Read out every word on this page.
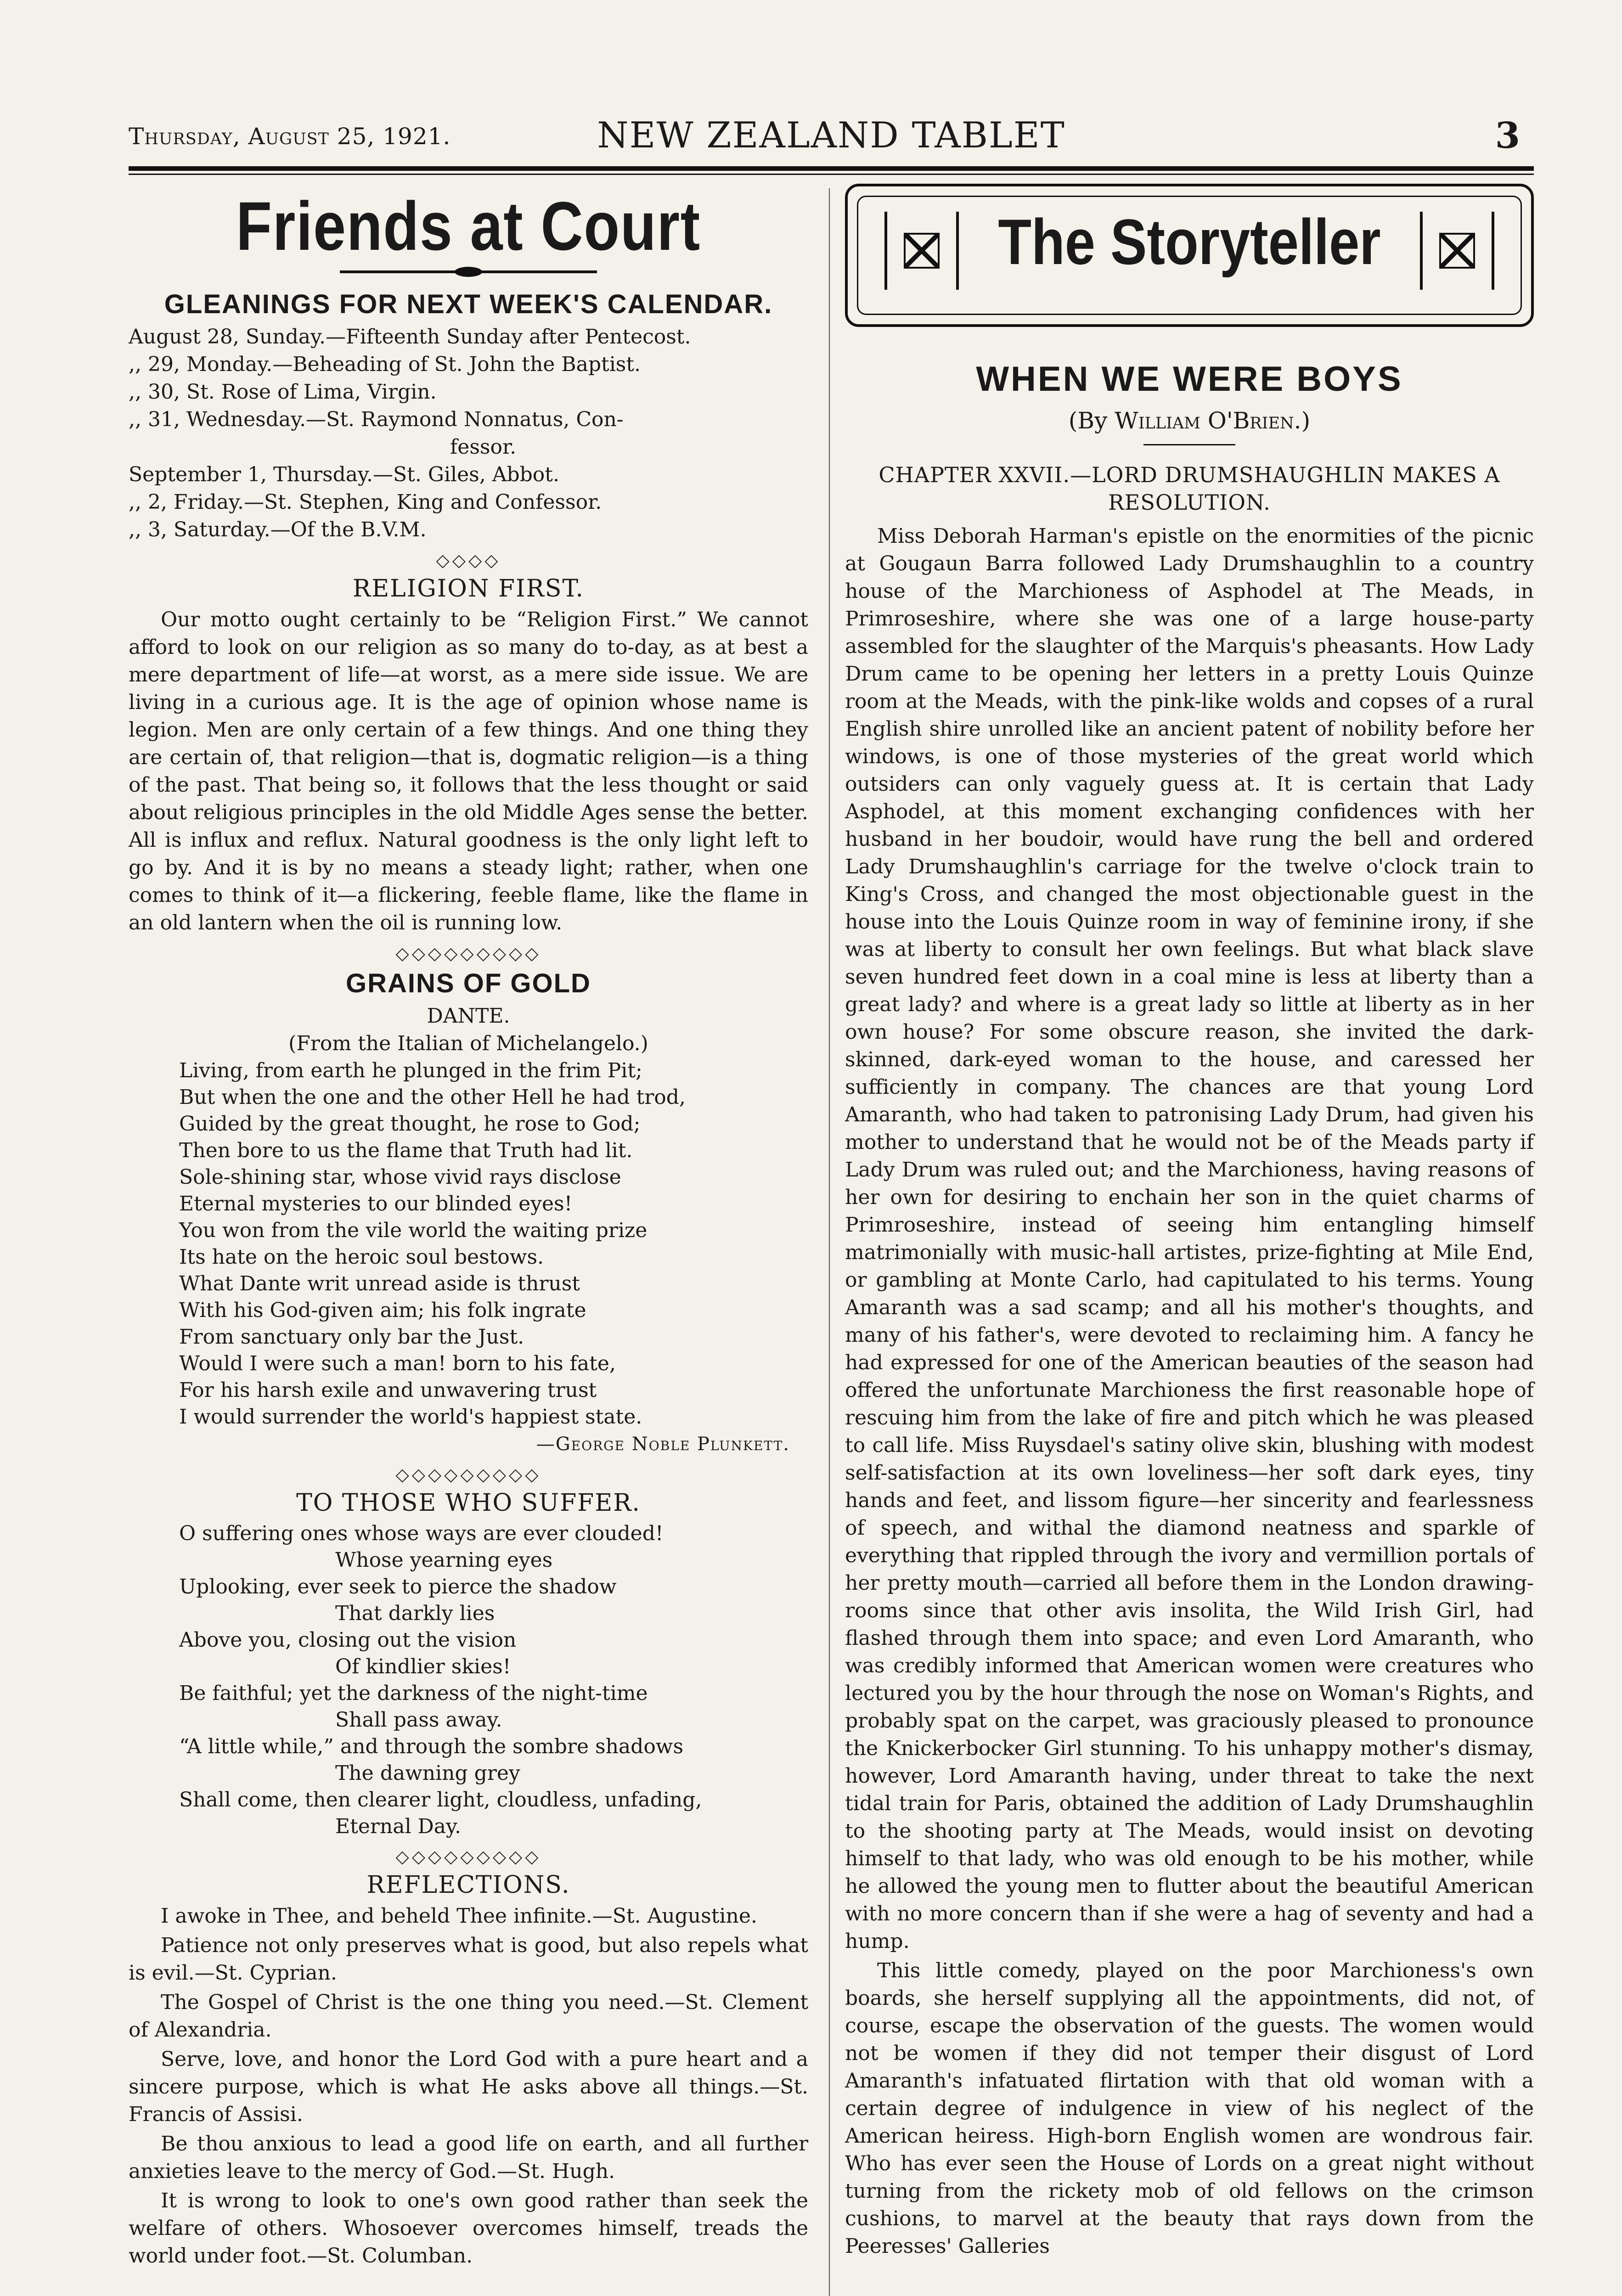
Thursday, August 25, 1921.	NEW ZEALAND TABLET	3
Friends at Court
GLEANINGS FOR NEXT WEEK'S CALENDAR.
August 28, Sunday.—Fifteenth Sunday after Pentecost.
,, 29, Monday.—Beheading of St. John the Baptist.
,, 30, St. Rose of Lima, Virgin.
,, 31, Wednesday.—St. Raymond Nonnatus, Con-
fessor.
September 1, Thursday.—St. Giles, Abbot.
,, 2, Friday.—St. Stephen, King and Confessor.
,, 3, Saturday.—Of the B.V.M.
◇◇◇◇
RELIGION FIRST.

Our motto ought certainly to be “Religion First.” We cannot afford to look on our religion as so many do to-day, as at best a mere department of life—at worst, as a mere side issue. We are living in a curious age. It is the age of opinion whose name is legion. Men are only certain of a few things. And one thing they are certain of, that religion—that is, dogmatic religion—is a thing of the past. That being so, it follows that the less thought or said about religious principles in the old Middle Ages sense the better. All is influx and reflux. Natural goodness is the only light left to go by. And it is by no means a steady light; rather, when one comes to think of it—a flickering, feeble flame, like the flame in an old lantern when the oil is running low.

◇◇◇◇◇◇◇◇◇
GRAINS OF GOLD
DANTE.
(From the Italian of Michelangelo.)
Living, from earth he plunged in the frim Pit;
But when the one and the other Hell he had trod,
Guided by the great thought, he rose to God;
Then bore to us the flame that Truth had lit.
Sole-shining star, whose vivid rays disclose
Eternal mysteries to our blinded eyes!
You won from the vile world the waiting prize
Its hate on the heroic soul bestows.
What Dante writ unread aside is thrust
With his God-given aim; his folk ingrate
From sanctuary only bar the Just.
Would I were such a man! born to his fate,
For his harsh exile and unwavering trust
I would surrender the world's happiest state.
—George Noble Plunkett.
◇◇◇◇◇◇◇◇◇
TO THOSE WHO SUFFER.
O suffering ones whose ways are ever clouded!
Whose yearning eyes
Uplooking, ever seek to pierce the shadow
That darkly lies
Above you, closing out the vision
Of kindlier skies!
Be faithful; yet the darkness of the night-time
Shall pass away.
“A little while,” and through the sombre shadows
The dawning grey
Shall come, then clearer light, cloudless, unfading,
Eternal Day.
◇◇◇◇◇◇◇◇◇
REFLECTIONS.

I awoke in Thee, and beheld Thee infinite.—St. Augustine.

Patience not only preserves what is good, but also repels what is evil.—St. Cyprian.

The Gospel of Christ is the one thing you need.—St. Clement of Alexandria.

Serve, love, and honor the Lord God with a pure heart and a sincere purpose, which is what He asks above all things.—St. Francis of Assisi.

Be thou anxious to lead a good life on earth, and all further anxieties leave to the mercy of God.—St. Hugh.

It is wrong to look to one's own good rather than seek the welfare of others. Whosoever overcomes himself, treads the world under foot.—St. Columban.

The Storyteller
WHEN WE WERE BOYS
(By William O'Brien.)
CHAPTER XXVII.—LORD DRUMSHAUGHLIN MAKES A RESOLUTION.

Miss Deborah Harman's epistle on the enormities of the picnic at Gougaun Barra followed Lady Drumshaughlin to a country house of the Marchioness of Asphodel at The Meads, in Primroseshire, where she was one of a large house-party assembled for the slaughter of the Marquis's pheasants. How Lady Drum came to be opening her letters in a pretty Louis Quinze room at the Meads, with the pink-like wolds and copses of a rural English shire unrolled like an ancient patent of nobility before her windows, is one of those mysteries of the great world which outsiders can only vaguely guess at. It is certain that Lady Asphodel, at this moment exchanging confidences with her husband in her boudoir, would have rung the bell and ordered Lady Drumshaughlin's carriage for the twelve o'clock train to King's Cross, and changed the most objectionable guest in the house into the Louis Quinze room in way of feminine irony, if she was at liberty to consult her own feelings. But what black slave seven hundred feet down in a coal mine is less at liberty than a great lady? and where is a great lady so little at liberty as in her own house? For some obscure reason, she invited the dark-skinned, dark-eyed woman to the house, and caressed her sufficiently in company. The chances are that young Lord Amaranth, who had taken to patronising Lady Drum, had given his mother to understand that he would not be of the Meads party if Lady Drum was ruled out; and the Marchioness, having reasons of her own for desiring to enchain her son in the quiet charms of Primroseshire, instead of seeing him entangling himself matrimonially with music-hall artistes, prize-fighting at Mile End, or gambling at Monte Carlo, had capitulated to his terms. Young Amaranth was a sad scamp; and all his mother's thoughts, and many of his father's, were devoted to reclaiming him. A fancy he had expressed for one of the American beauties of the season had offered the unfortunate Marchioness the first reasonable hope of rescuing him from the lake of fire and pitch which he was pleased to call life. Miss Ruysdael's satiny olive skin, blushing with modest self-satisfaction at its own loveliness—her soft dark eyes, tiny hands and feet, and lissom figure—her sincerity and fearlessness of speech, and withal the diamond neatness and sparkle of everything that rippled through the ivory and vermillion portals of her pretty mouth—carried all before them in the London drawing-rooms since that other avis insolita, the Wild Irish Girl, had flashed through them into space; and even Lord Amaranth, who was credibly informed that American women were creatures who lectured you by the hour through the nose on Woman's Rights, and probably spat on the carpet, was graciously pleased to pronounce the Knickerbocker Girl stunning. To his unhappy mother's dismay, however, Lord Amaranth having, under threat to take the next tidal train for Paris, obtained the addition of Lady Drumshaughlin to the shooting party at The Meads, would insist on devoting himself to that lady, who was old enough to be his mother, while he allowed the young men to flutter about the beautiful American with no more concern than if she were a hag of seventy and had a hump.

This little comedy, played on the poor Marchioness's own boards, she herself supplying all the appointments, did not, of course, escape the observation of the guests. The women would not be women if they did not temper their disgust of Lord Amaranth's infatuated flirtation with that old woman with a certain degree of indulgence in view of his neglect of the American heiress. High-born English women are wondrous fair. Who has ever seen the House of Lords on a great night without turning from the rickety mob of old fellows on the crimson cushions, to marvel at the beauty that rays down from the Peeresses' Galleries
